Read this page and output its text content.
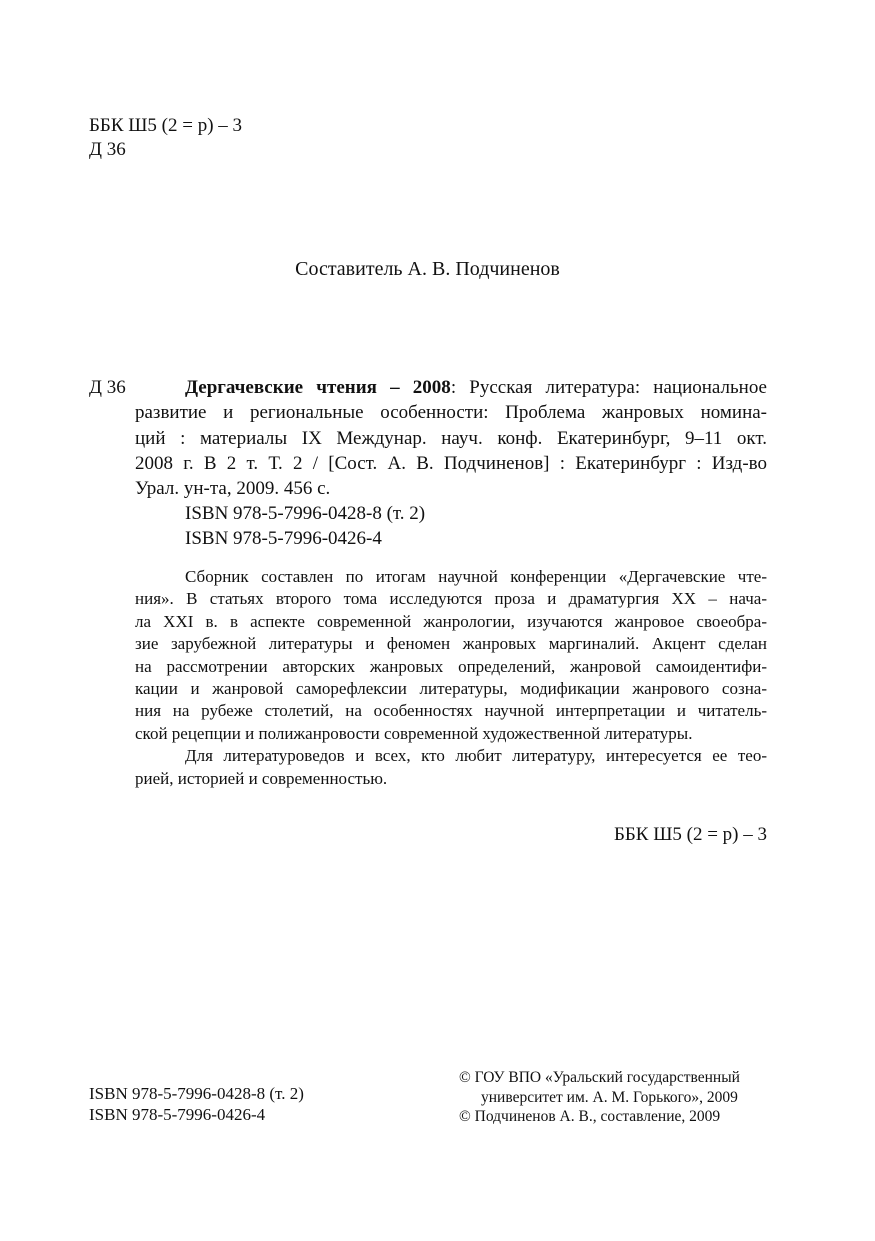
ББК Ш5 (2 = р) – 3
Д 36
Составитель А. В. Подчиненов
Д 36	Дергачевские чтения – 2008: Русская литература: национальное
развитие и региональные особенности: Проблема жанровых номина-
ций : материалы IX Междунар. науч. конф. Екатеринбург, 9–11 окт.
2008 г. В 2 т. Т. 2 / [Сост. А. В. Подчиненов] : Екатеринбург : Изд-во
Урал. ун-та, 2009. 456 с.
ISBN 978-5-7996-0428-8 (т. 2)
ISBN 978-5-7996-0426-4
Сборник составлен по итогам научной конференции «Дергачевские чте-
ния». В статьях второго тома исследуются проза и драматургия XX – нача-
ла XXI в. в аспекте современной жанрологии, изучаются жанровое своеобра-
зие зарубежной литературы и феномен жанровых маргиналий. Акцент сделан
на рассмотрении авторских жанровых определений, жанровой самоидентифи-
кации и жанровой саморефлексии литературы, модификации жанрового созна-
ния на рубеже столетий, на особенностях научной интерпретации и читатель-
ской рецепции и полижанровости современной художественной литературы.
Для литературоведов и всех, кто любит литературу, интересуется ее тео-
рией, историей и современностью.
ББК Ш5 (2 = р) – 3
ISBN 978-5-7996-0428-8 (т. 2)
ISBN 978-5-7996-0426-4
© ГОУ ВПО «Уральский государственный
университет им. А. М. Горького», 2009
© Подчиненов А. В., составление, 2009
